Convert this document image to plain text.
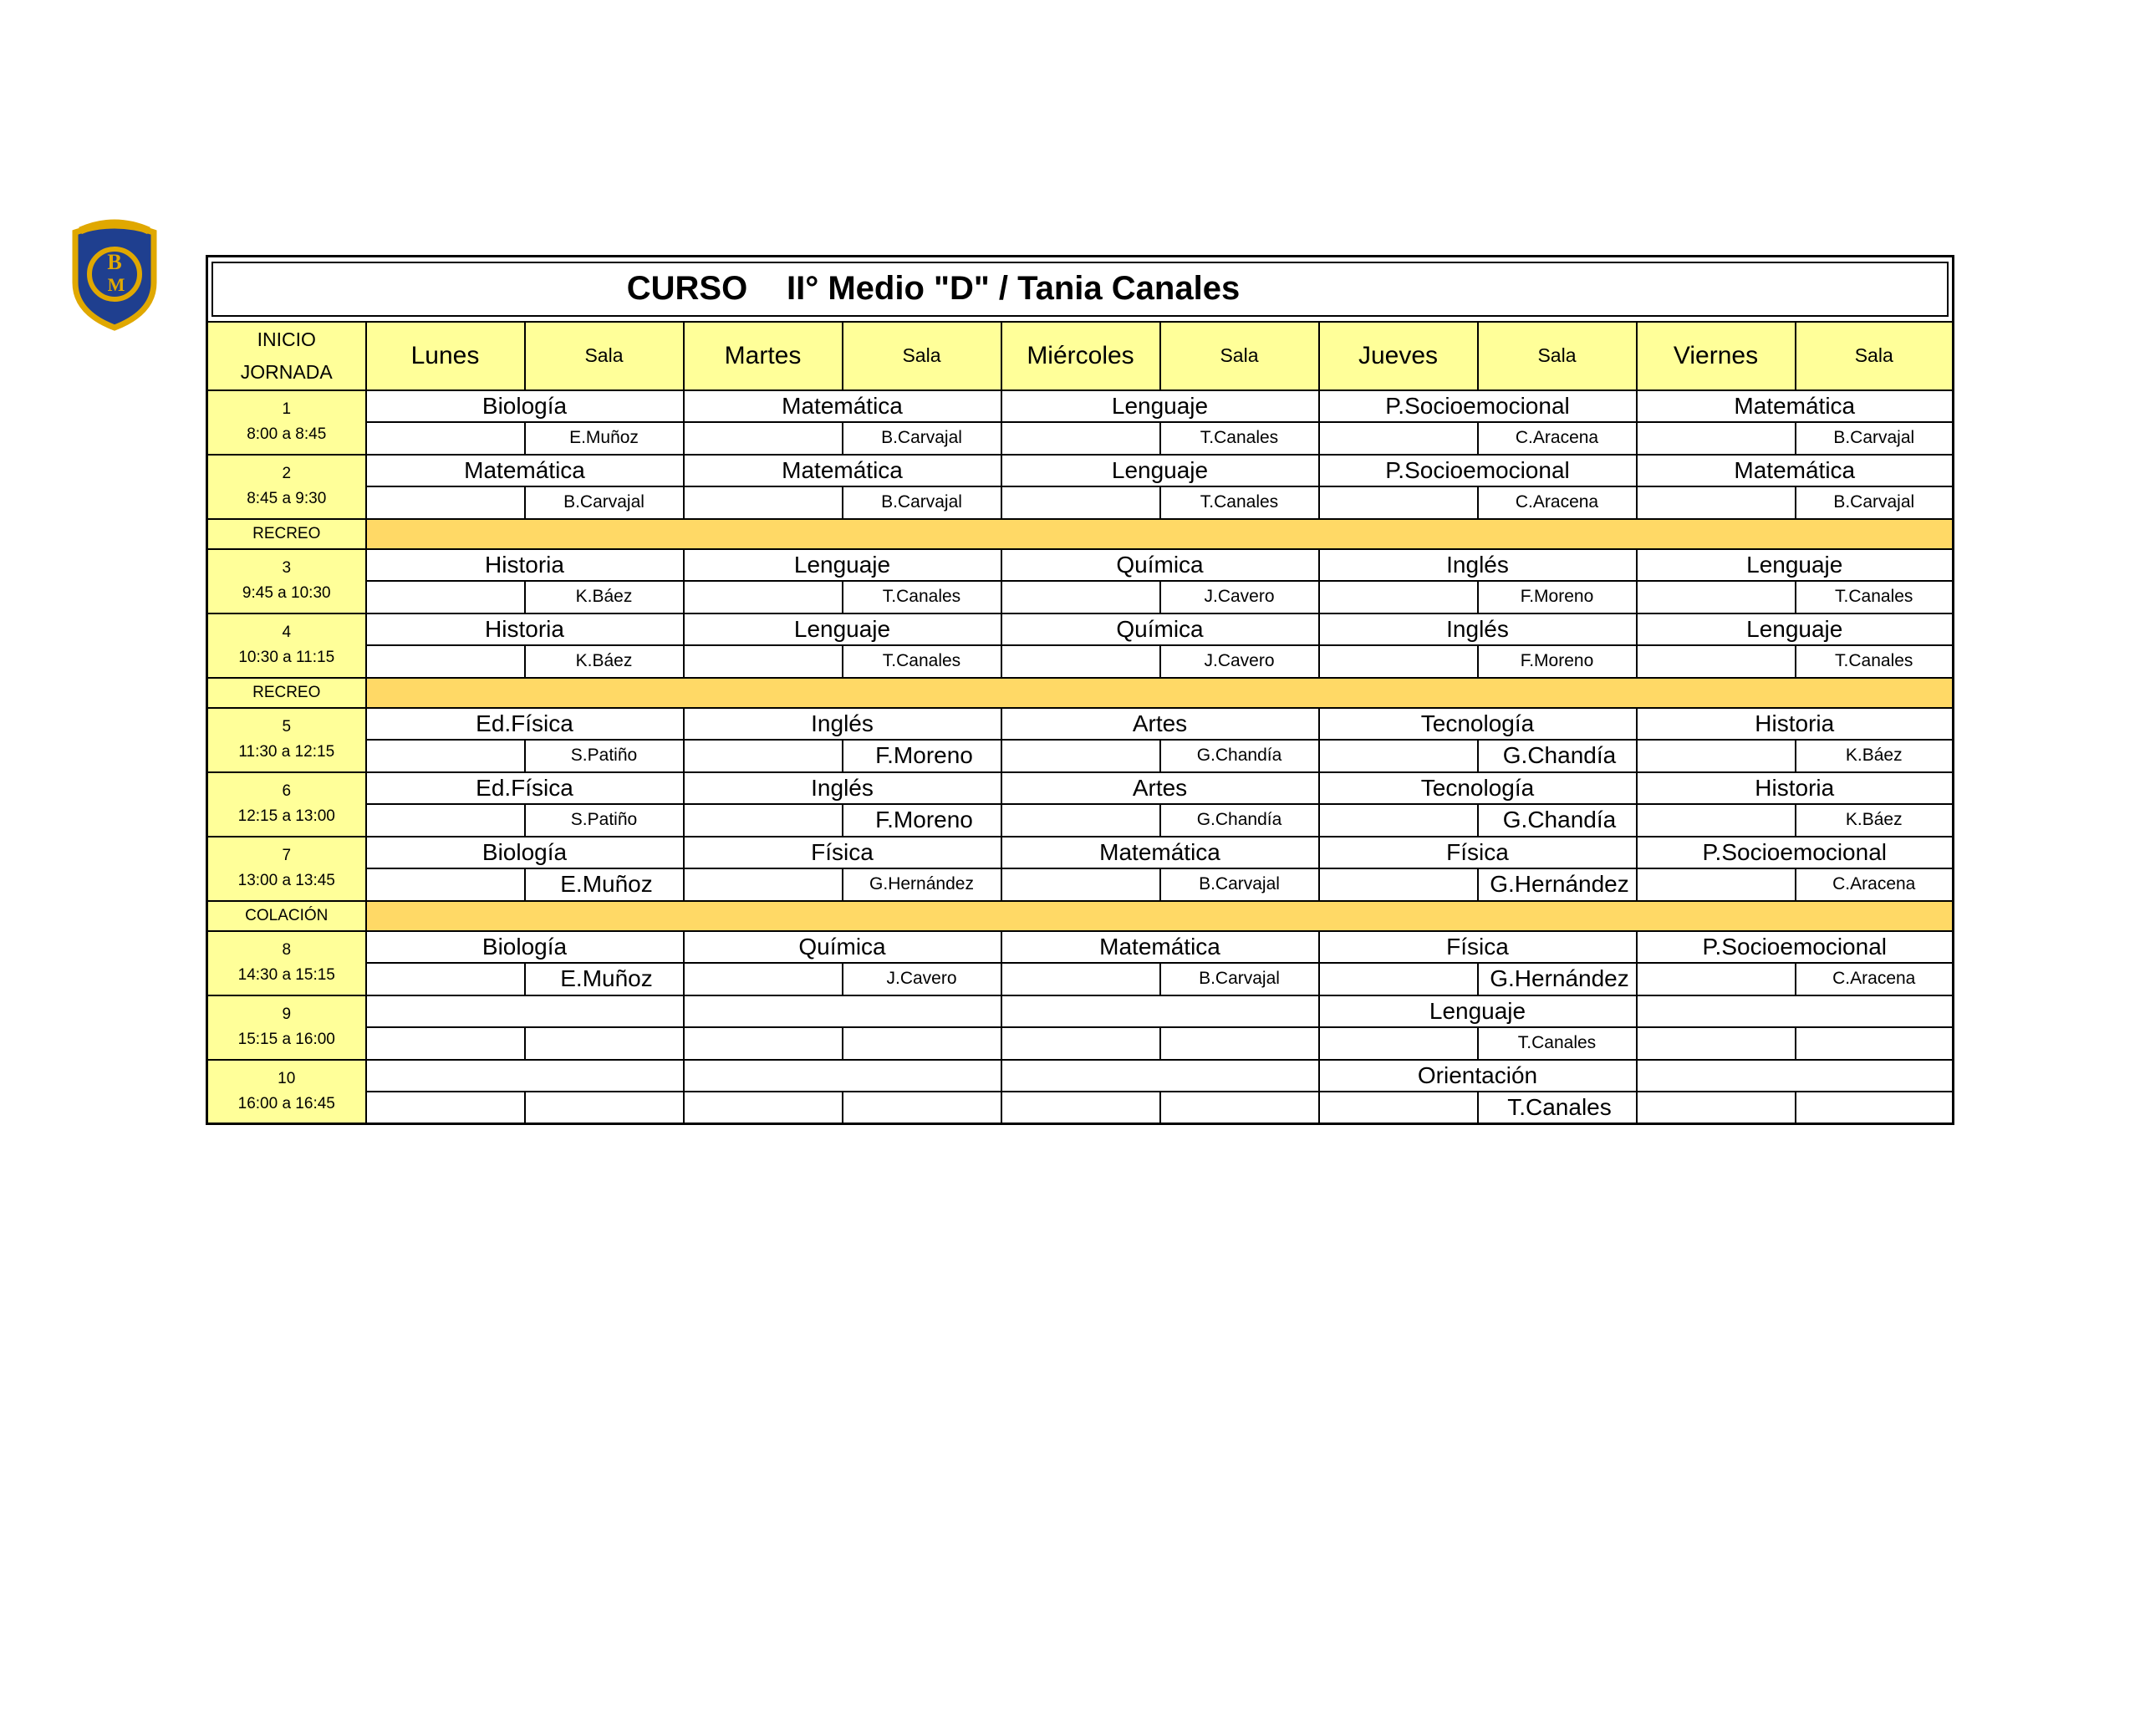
B
M	CURSO II° Medio "D" / Tania Canales										

INICIO
JORNADA	Lunes	Sala	Martes	Sala	Miércoles	Sala	Jueves	Sala	Viernes	Sala

1
8:00 a 8:45	Biología		Matemática		Lenguaje		P.Socioemocional		Matemática	
		E.Muñoz		B.Carvajal		T.Canales		C.Aracena		B.Carvajal

2
8:45 a 9:30	Matemática		Matemática		Lenguaje		P.Socioemocional		Matemática	
		B.Carvajal		B.Carvajal		T.Canales		C.Aracena		B.Carvajal
RECREO										

3
9:45 a 10:30	Historia		Lenguaje		Química		Inglés		Lenguaje	
		K.Báez		T.Canales		J.Cavero		F.Moreno		T.Canales

4
10:30 a 11:15	Historia		Lenguaje		Química		Inglés		Lenguaje	
		K.Báez		T.Canales		J.Cavero		F.Moreno		T.Canales
RECREO										

5
11:30 a 12:15	Ed.Física		Inglés		Artes		Tecnología		Historia	
		S.Patiño		F.Moreno		G.Chandía		G.Chandía		K.Báez

6
12:15 a 13:00	Ed.Física		Inglés		Artes		Tecnología		Historia	
		S.Patiño		F.Moreno		G.Chandía		G.Chandía		K.Báez

7
13:00 a 13:45	Biología		Física		Matemática		Física		P.Socioemocional	
		E.Muñoz		G.Hernández		B.Carvajal		G.Hernández		C.Aracena
COLACIÓN										

8
14:30 a 15:15	Biología		Química		Matemática		Física		P.Socioemocional	
		E.Muñoz		J.Cavero		B.Carvajal		G.Hernández		C.Aracena

9
15:15 a 16:00							Lenguaje			
								T.Canales		

10
16:00 a 16:45							Orientación			
								T.Canales		
